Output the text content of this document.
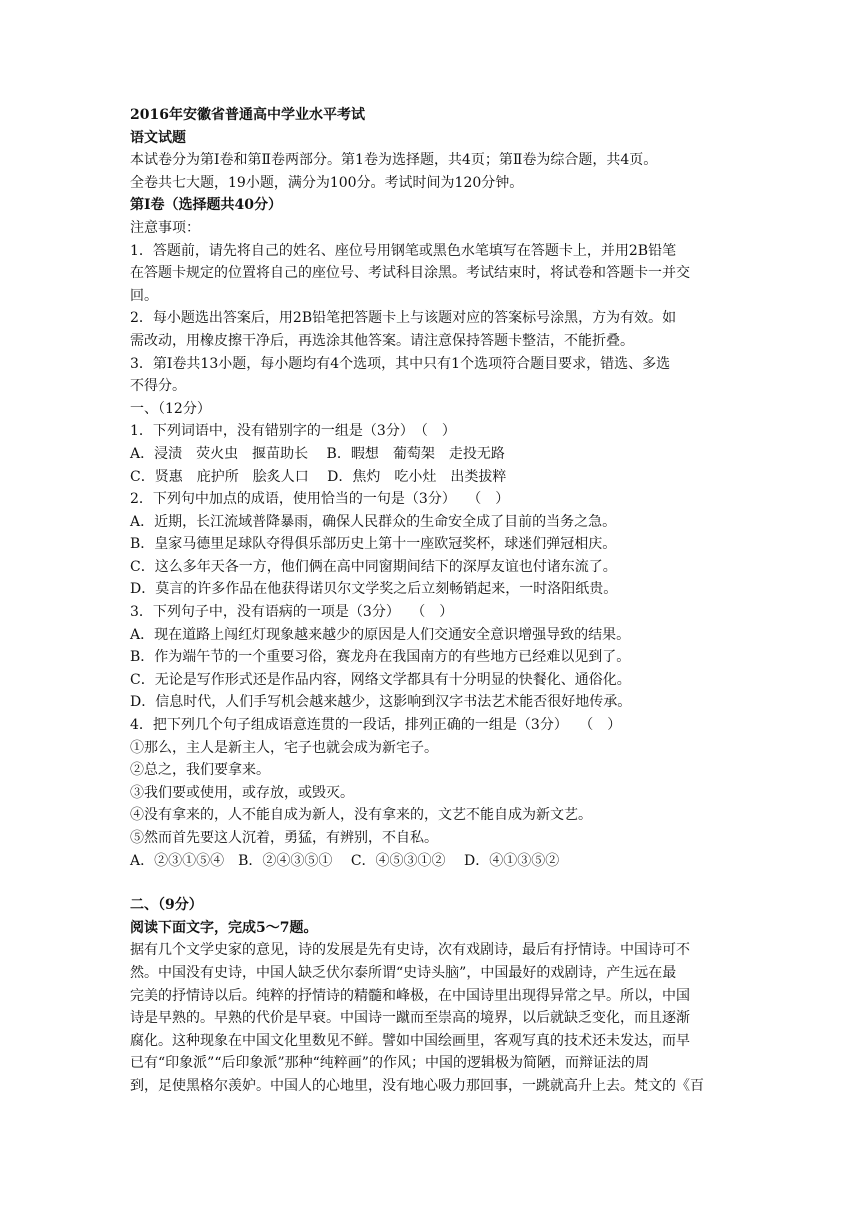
2016年安徽省普通高中学业水平考试
语文试题
本试卷分为第Ⅰ卷和第Ⅱ卷两部分。第1卷为选择题，共4页；第Ⅱ卷为综合题，共4页。
全卷共七大题，19小题，满分为100分。考试时间为120分钟。
第Ⅰ卷（选择题共40分）
注意事项：
1．答题前，请先将自己的姓名、座位号用钢笔或黑色水笔填写在答题卡上，并用2B铅笔
在答题卡规定的位置将自己的座位号、考试科目涂黑。考试结束时，将试卷和答题卡一并交
回。
2．每小题选出答案后，用2B铅笔把答题卡上与该题对应的答案标号涂黑，方为有效。如
需改动，用橡皮擦干净后，再选涂其他答案。请注意保持答题卡整洁，不能折叠。
3．第Ⅰ卷共13小题，每小题均有4个选项，其中只有1个选项符合题目要求，错选、多选
不得分。
一、（12分）
1．下列词语中，没有错别字的一组是（3分）　（　）
A．浸渍　荧火虫　揠苗助长　 B．暇想　葡萄架　走投无路
C．贤惠　庇护所　脍炙人口　 D．焦灼　吃小灶　出类拔粹
2．下列句中加点的成语，使用恰当的一句是（3分）　 （　）
A．近期，长江流域普降暴雨，确保人民群众的生命安全成了目前的当务之急。
B．皇家马德里足球队夺得俱乐部历史上第十一座欧冠奖杯，球迷们弹冠相庆。
C．这么多年天各一方，他们俩在高中同窗期间结下的深厚友谊也付诸东流了。
D．莫言的许多作品在他获得诺贝尔文学奖之后立刻畅销起来，一时洛阳纸贵。
3．下列句子中，没有语病的一项是（3分）　 （　）
A．现在道路上闯红灯现象越来越少的原因是人们交通安全意识增强导致的结果。
B．作为端午节的一个重要习俗，赛龙舟在我国南方的有些地方已经难以见到了。
C．无论是写作形式还是作品内容，网络文学都具有十分明显的快餐化、通俗化。
D．信息时代，人们手写机会越来越少，这影响到汉字书法艺术能否很好地传承。
4．把下列几个句子组成语意连贯的一段话，排列正确的一组是（3分）　 （　）
①那么，主人是新主人，宅子也就会成为新宅子。
②总之，我们要拿来。
③我们要或使用，或存放，或毁灭。
④没有拿来的，人不能自成为新人，没有拿来的，文艺不能自成为新文艺。
⑤然而首先要这人沉着，勇猛，有辨别，不自私。
A．②③①⑤④　B．②④③⑤①　 C．④⑤③①②　 D．④①③⑤②
二、（9分）
阅读下面文字，完成5～7题。
据有几个文学史家的意见，诗的发展是先有史诗，次有戏剧诗，最后有抒情诗。中国诗可不
然。中国没有史诗，中国人缺乏伏尔泰所谓“史诗头脑”，中国最好的戏剧诗，产生远在最
完美的抒情诗以后。纯粹的抒情诗的精髓和峰极，在中国诗里出现得异常之早。所以，中国
诗是早熟的。早熟的代价是早衰。中国诗一蹴而至崇高的境界，以后就缺乏变化，而且逐渐
腐化。这种现象在中国文化里数见不鲜。譬如中国绘画里，客观写真的技术还未发达，而早
已有“印象派”“后印象派”那种“纯粹画”的作风；中国的逻辑极为简陋，而辩证法的周
到，足使黑格尔羡妒。中国人的心地里，没有地心吸力那回事，一跳就高升上去。梵文的《百
